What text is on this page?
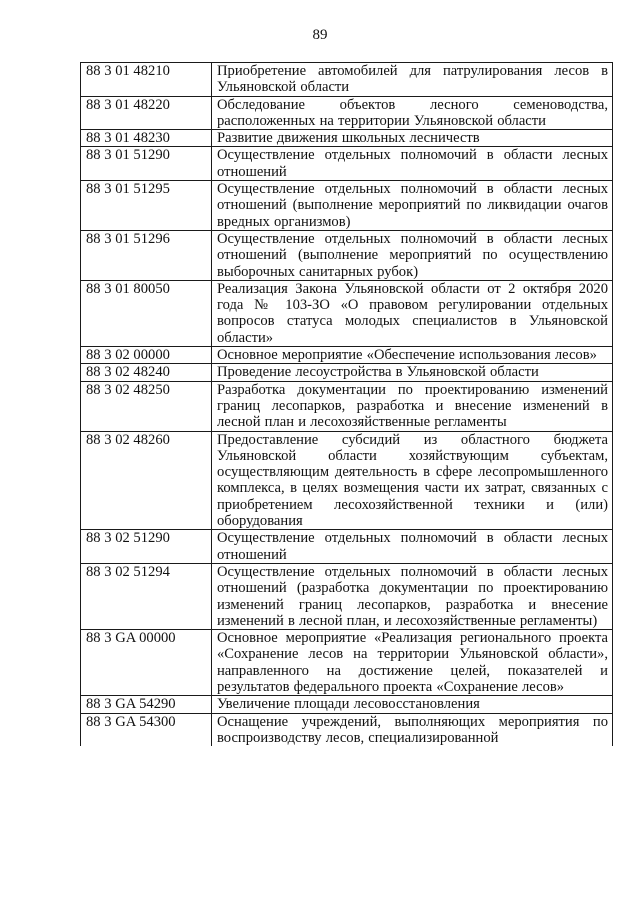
89
88 3 01 48210	Приобретение автомобилей для патрулирования лесов в Ульяновской области
88 3 01 48220	Обследование объектов лесного семеноводства, расположенных на территории Ульяновской области
88 3 01 48230	Развитие движения школьных лесничеств
88 3 01 51290	Осуществление отдельных полномочий в области лесных отношений
88 3 01 51295	Осуществление отдельных полномочий в области лесных отношений (выполнение мероприятий по ликвидации очагов вредных организмов)
88 3 01 51296	Осуществление отдельных полномочий в области лесных отношений (выполнение мероприятий по осуществлению выборочных санитарных рубок)
88 3 01 80050	Реализация Закона Ульяновской области от 2 октября 2020 года № 103-ЗО «О правовом регулировании отдельных вопросов статуса молодых специалистов в Ульяновской области»
88 3 02 00000	Основное мероприятие «Обеспечение использования лесов»
88 3 02 48240	Проведение лесоустройства в Ульяновской области
88 3 02 48250	Разработка документации по проектированию изменений границ лесопарков, разработка и внесение изменений в лесной план и лесохозяйственные регламенты
88 3 02 48260	Предоставление субсидий из областного бюджета Ульяновской области хозяйствующим субъектам, осуществляющим деятельность в сфере лесопромышленного комплекса, в целях возмещения части их затрат, связанных с приобретением лесохозяйственной техники и (или) оборудования
88 3 02 51290	Осуществление отдельных полномочий в области лесных отношений
88 3 02 51294	Осуществление отдельных полномочий в области лесных отношений (разработка документации по проектированию изменений границ лесопарков, разработка и внесение изменений в лесной план, и лесохозяйственные регламенты)
88 3 GA 00000	Основное мероприятие «Реализация регионального проекта «Сохранение лесов на территории Ульяновской области», направленного на достижение целей, показателей и результатов федерального проекта «Сохранение лесов»
88 3 GA 54290	Увеличение площади лесовосстановления
88 3 GA 54300	Оснащение учреждений, выполняющих мероприятия по воспроизводству лесов, специализированной
